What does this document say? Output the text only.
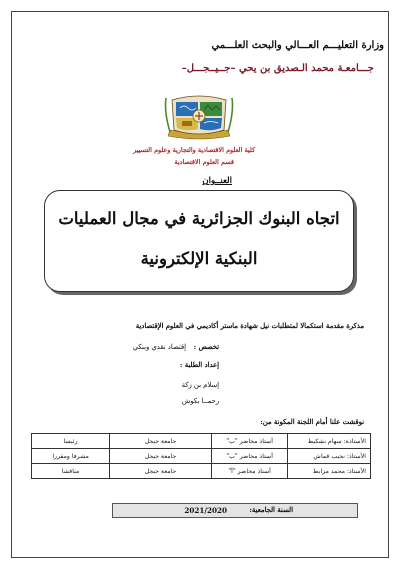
وزارة التعليـــم العـــالي والبحث العلـــمي
جـــامعـة محمد الـصديق بن يحي –جــيــجـــل–
كلية العلوم الاقتصادية والتجارية وعلوم التسيير
قسم العلوم الاقتصادية
العنــوان
اتجاه البنوك الجزائرية في مجال العمليات
البنكية الإلكترونية
مذكرة مقدمة استكمالا لمتطلبات نيل شهادة ماستر أكاديمي في العلوم الإقتصادية
تخصص :
إقتصاد نقدي وبنكي
إعداد الطلبة :
إسلام بن زكة
رحمــا بكوش
نوقشت علنا أمام اللجنة المكونة من:
الأستاذة: سهام بشكيط	أستاذ محاضر "ب"	جامعة جيجل	رئيسا
الأستاذ: نجيب قماش	أستاذ محاضر "ب"	جامعة جيجل	مشرفا ومقررا
الأستاذ: محمد مزابط	أستاذ محاضر "أ"	جامعة جيجل	مناقشا
السنة الجامعية:
2021/2020
